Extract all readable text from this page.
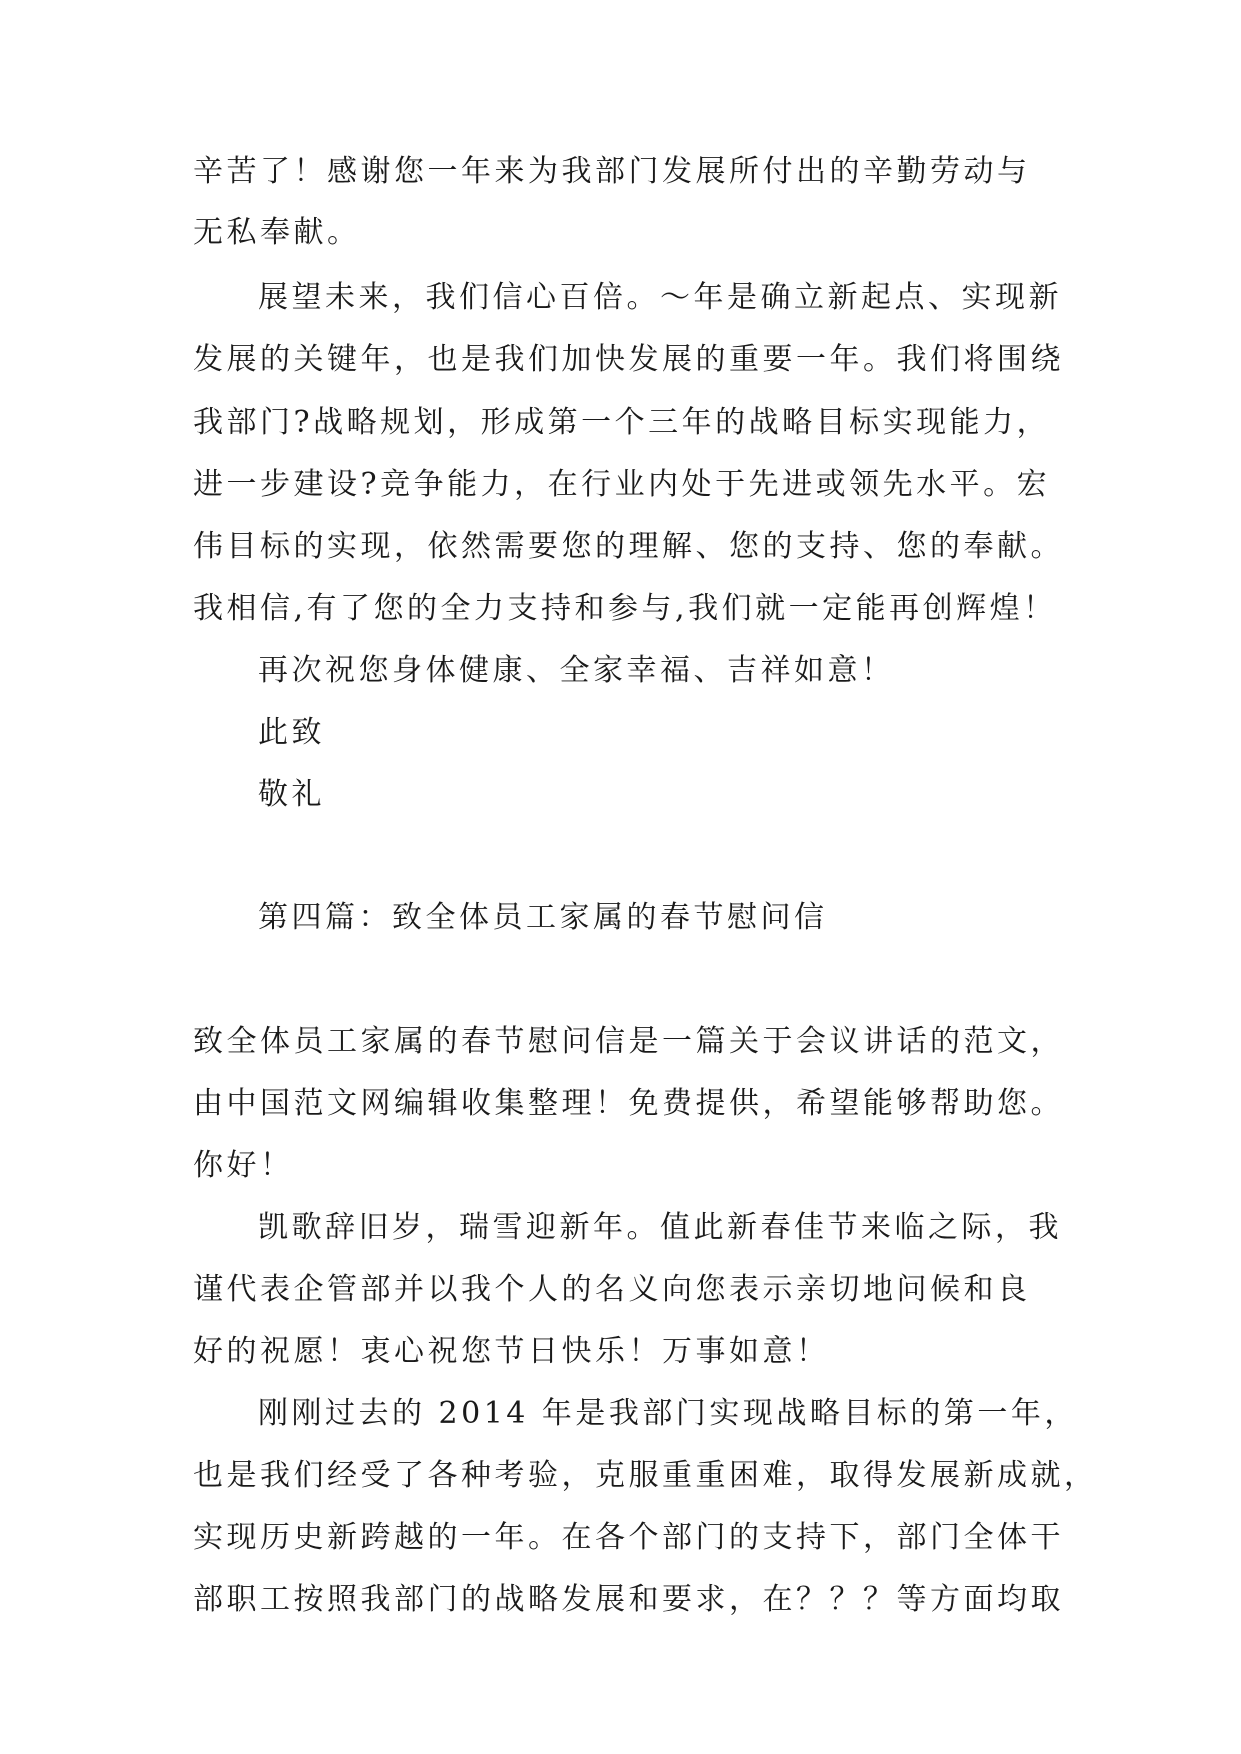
辛苦了！感谢您一年来为我部门发展所付出的辛勤劳动与
无私奉献。
展望未来，我们信心百倍。～年是确立新起点、实现新
发展的关键年，也是我们加快发展的重要一年。我们将围绕
我部门?战略规划，形成第一个三年的战略目标实现能力，
进一步建设?竞争能力，在行业内处于先进或领先水平。宏
伟目标的实现，依然需要您的理解、您的支持、您的奉献。
我相信,有了您的全力支持和参与,我们就一定能再创辉煌！
再次祝您身体健康、全家幸福、吉祥如意！
此致
敬礼
第四篇：致全体员工家属的春节慰问信
致全体员工家属的春节慰问信是一篇关于会议讲话的范文，
由中国范文网编辑收集整理！免费提供，希望能够帮助您。
你好！
凯歌辞旧岁，瑞雪迎新年。值此新春佳节来临之际，我
谨代表企管部并以我个人的名义向您表示亲切地问候和良
好的祝愿！衷心祝您节日快乐！万事如意！
刚刚过去的 2014 年是我部门实现战略目标的第一年，
也是我们经受了各种考验，克服重重困难，取得发展新成就，
实现历史新跨越的一年。在各个部门的支持下，部门全体干
部职工按照我部门的战略发展和要求，在？？？等方面均取
